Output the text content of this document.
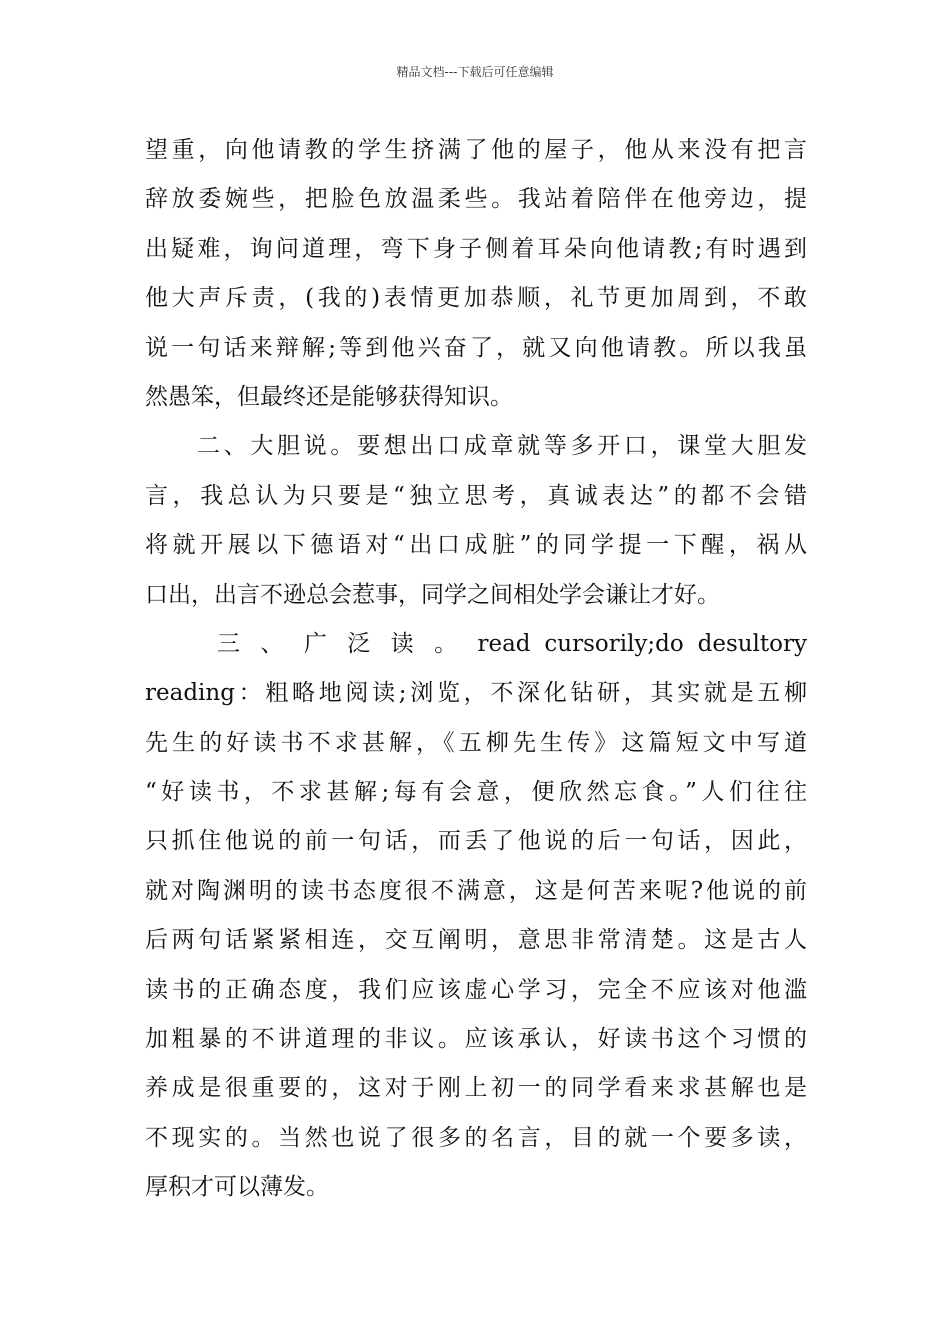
精品文档---下载后可任意编辑
望重，向他请教的学生挤满了他的屋子，他从来没有把言
辞放委婉些，把脸色放温柔些。我站着陪伴在他旁边，提
出疑难，询问道理，弯下身子侧着耳朵向他请教;有时遇到
他大声斥责，(我的)表情更加恭顺，礼节更加周到，不敢
说一句话来辩解;等到他兴奋了，就又向他请教。所以我虽
然愚笨，但最终还是能够获得知识。
二、大胆说。要想出口成章就等多开口，课堂大胆发
言，我总认为只要是“独立思考，真诚表达”的都不会错
将就开展以下德语对“出口成脏”的同学提一下醒，祸从
口出，出言不逊总会惹事，同学之间相处学会谦让才好。
三 、 广 泛 读 。 read cursorily;do desultory
reading：粗略地阅读;浏览，不深化钻研，其实就是五柳
先生的好读书不求甚解，《五柳先生传》这篇短文中写道
“好读书，不求甚解;每有会意，便欣然忘食。”人们往往
只抓住他说的前一句话，而丢了他说的后一句话，因此，
就对陶渊明的读书态度很不满意，这是何苦来呢?他说的前
后两句话紧紧相连，交互阐明，意思非常清楚。这是古人
读书的正确态度，我们应该虚心学习，完全不应该对他滥
加粗暴的不讲道理的非议。应该承认，好读书这个习惯的
养成是很重要的，这对于刚上初一的同学看来求甚解也是
不现实的。当然也说了很多的名言，目的就一个要多读，
厚积才可以薄发。
